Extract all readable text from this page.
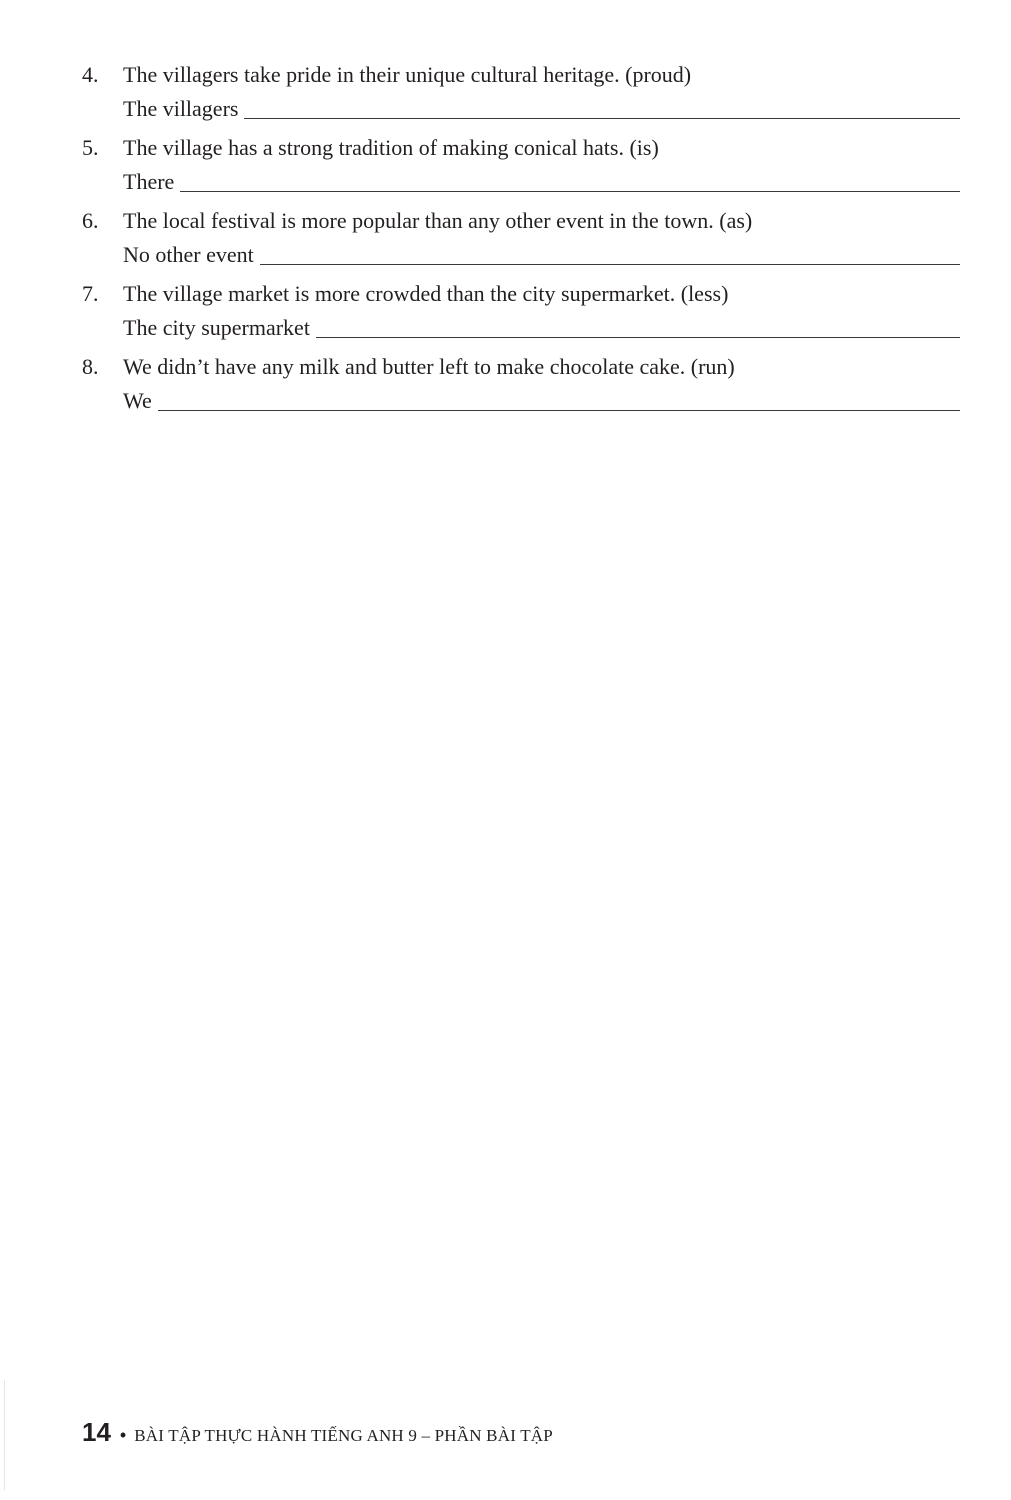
4.	The villagers take pride in their unique cultural heritage. (proud)
The villagers
5.	The village has a strong tradition of making conical hats. (is)
There
6.	The local festival is more popular than any other event in the town. (as)
No other event
7.	The village market is more crowded than the city supermarket. (less)
The city supermarket
8.	We didn’t have any milk and butter left to make chocolate cake. (run)
We
14 • BÀI TẬP THỰC HÀNH TIẾNG ANH 9 – PHẦN BÀI TẬP
